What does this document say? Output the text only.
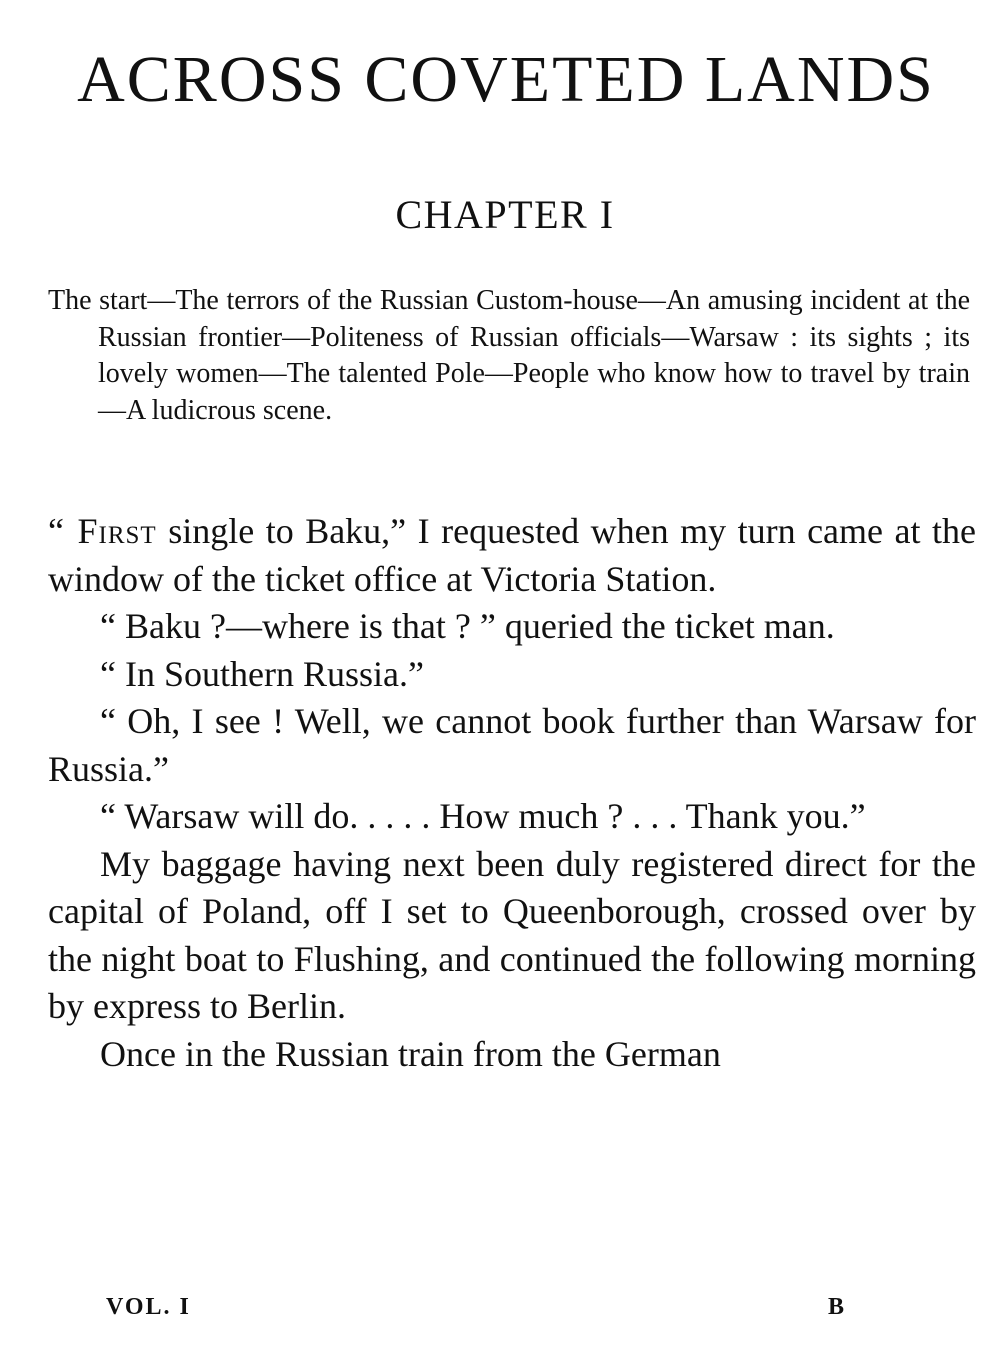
ACROSS COVETED LANDS
CHAPTER I

The start—The terrors of the Russian Custom-house—An amusing incident at the Russian frontier—Politeness of Russian officials—Warsaw : its sights ; its lovely women—The talented Pole—People who know how to travel by train—A ludicrous scene.

“ First single to Baku,” I requested when my turn came at the window of the ticket office at Victoria Station.

“ Baku ?—where is that ? ” queried the ticket man.

“ In Southern Russia.”

“ Oh, I see ! Well, we cannot book further than Warsaw for Russia.”

“ Warsaw will do. . . . . How much ? . . . Thank you.”

My baggage having next been duly registered direct for the capital of Poland, off I set to Queenborough, crossed over by the night boat to Flushing, and continued the following morning by express to Berlin.

Once in the Russian train from the German

VOL. I	B
